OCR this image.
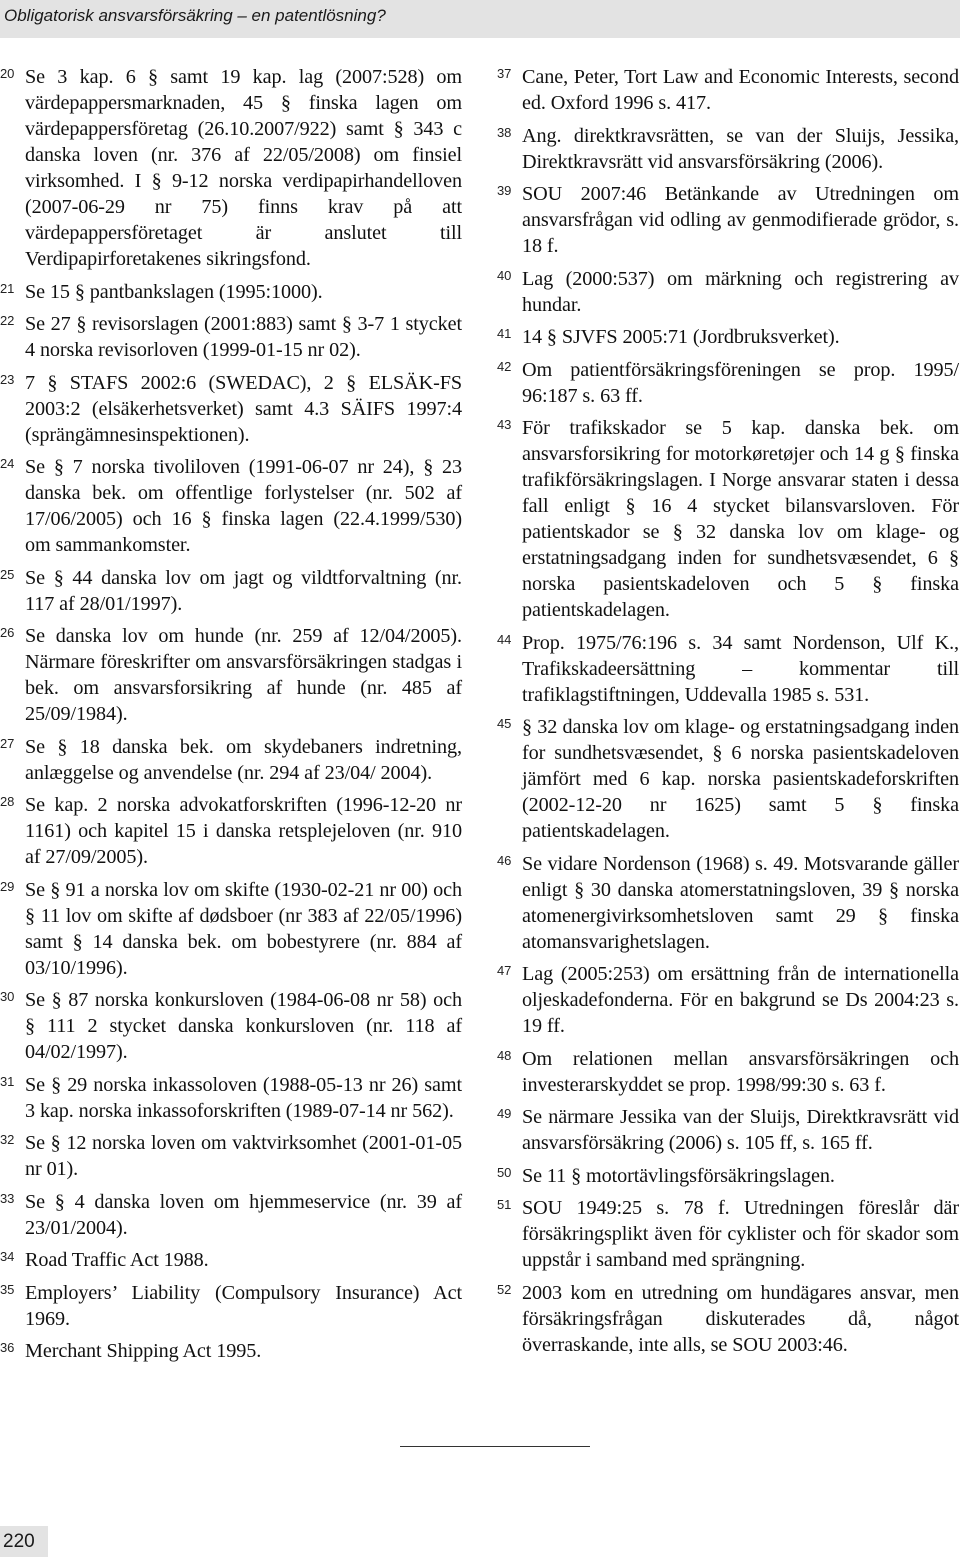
Obligatorisk ansvarsförsäkring – en patentlösning?
20 Se 3 kap. 6 § samt 19 kap. lag (2007:528) om värdepappersmarknaden, 45 § finska lagen om värdepappersföretag (26.10.2007/922) samt § 343 c danska loven (nr. 376 af 22/05/2008) om finsiel virksomhed. I § 9-12 norska verdipapirhandelloven (2007-06-29 nr 75) finns krav på att värdepappersföretaget är anslutet till Verdipapirforetakenes sikringsfond.
21 Se 15 § pantbankslagen (1995:1000).
22 Se 27 § revisorslagen (2001:883) samt § 3-7 1 stycket 4 norska revisorloven (1999-01-15 nr 02).
23 7 § STAFS 2002:6 (SWEDAC), 2 § ELSÄK-FS 2003:2 (elsäkerhetsverket) samt 4.3 SÄIFS 1997:4 (sprängämnesinspektionen).
24 Se § 7 norska tivoliloven (1991-06-07 nr 24), § 23 danska bek. om offentlige forlystelser (nr. 502 af 17/06/2005) och 16 § finska lagen (22.4.1999/530) om sammankomster.
25 Se § 44 danska lov om jagt og vildtforvaltning (nr. 117 af 28/01/1997).
26 Se danska lov om hunde (nr. 259 af 12/04/2005). Närmare föreskrifter om ansvarsförsäkringen stadgas i bek. om ansvarsforsikring af hunde (nr. 485 af 25/09/1984).
27 Se § 18 danska bek. om skydebaners indretning, anlæggelse og anvendelse (nr. 294 af 23/04/ 2004).
28 Se kap. 2 norska advokatforskriften (1996-12-20 nr 1161) och kapitel 15 i danska retsplejeloven (nr. 910 af 27/09/2005).
29 Se § 91 a norska lov om skifte (1930-02-21 nr 00) och § 11 lov om skifte af dødsboer (nr 383 af 22/05/1996) samt § 14 danska bek. om bobestyrere (nr. 884 af 03/10/1996).
30 Se § 87 norska konkursloven (1984-06-08 nr 58) och § 111 2 stycket danska konkursloven (nr. 118 af 04/02/1997).
31 Se § 29 norska inkassoloven (1988-05-13 nr 26) samt 3 kap. norska inkassoforskriften (1989-07-14 nr 562).
32 Se § 12 norska loven om vaktvirksomhet (2001-01-05 nr 01).
33 Se § 4 danska loven om hjemmeservice (nr. 39 af 23/01/2004).
34 Road Traffic Act 1988.
35 Employers’ Liability (Compulsory Insurance) Act 1969.
36 Merchant Shipping Act 1995.
37 Cane, Peter, Tort Law and Economic Interests, second ed. Oxford 1996 s. 417.
38 Ang. direktkravsrätten, se van der Sluijs, Jessika, Direktkravsrätt vid ansvarsförsäkring (2006).
39 SOU 2007:46 Betänkande av Utredningen om ansvarsfrågan vid odling av genmodifierade grödor, s. 18 f.
40 Lag (2000:537) om märkning och registrering av hundar.
41 14 § SJVFS 2005:71 (Jordbruksverket).
42 Om patientförsäkringsföreningen se prop. 1995/ 96:187 s. 63 ff.
43 För trafikskador se 5 kap. danska bek. om ansvarsforsikring for motorkøretøjer och 14 g § finska trafikförsäkringslagen. I Norge ansvarar staten i dessa fall enligt § 16 4 stycket bilansvarsloven. För patientskador se § 32 danska lov om klage- og erstatningsadgang inden for sundhetsvæsendet, 6 § norska pasientskadeloven och 5 § finska patientskadelagen.
44 Prop. 1975/76:196 s. 34 samt Nordenson, Ulf K., Trafikskadeersättning – kommentar till trafiklagstiftningen, Uddevalla 1985 s. 531.
45 § 32 danska lov om klage- og erstatningsadgang inden for sundhetsvæsendet, § 6 norska pasientskadeloven jämfört med 6 kap. norska pasientskadeforskriften (2002-12-20 nr 1625) samt 5 § finska patientskadelagen.
46 Se vidare Nordenson (1968) s. 49. Motsvarande gäller enligt § 30 danska atomerstatningsloven, 39 § norska atomenergivirksomhetsloven samt 29 § finska atomansvarighetslagen.
47 Lag (2005:253) om ersättning från de internationella oljeskadefonderna. För en bakgrund se Ds 2004:23 s. 19 ff.
48 Om relationen mellan ansvarsförsäkringen och investerarskyddet se prop. 1998/99:30 s. 63 f.
49 Se närmare Jessika van der Sluijs, Direktkravsrätt vid ansvarsförsäkring (2006) s. 105 ff, s. 165 ff.
50 Se 11 § motortävlingsförsäkringslagen.
51 SOU 1949:25 s. 78 f. Utredningen föreslår där försäkringsplikt även för cyklister och för skador som uppstår i samband med sprängning.
52 2003 kom en utredning om hundägares ansvar, men försäkringsfrågan diskuterades då, något överraskande, inte alls, se SOU 2003:46.
220
